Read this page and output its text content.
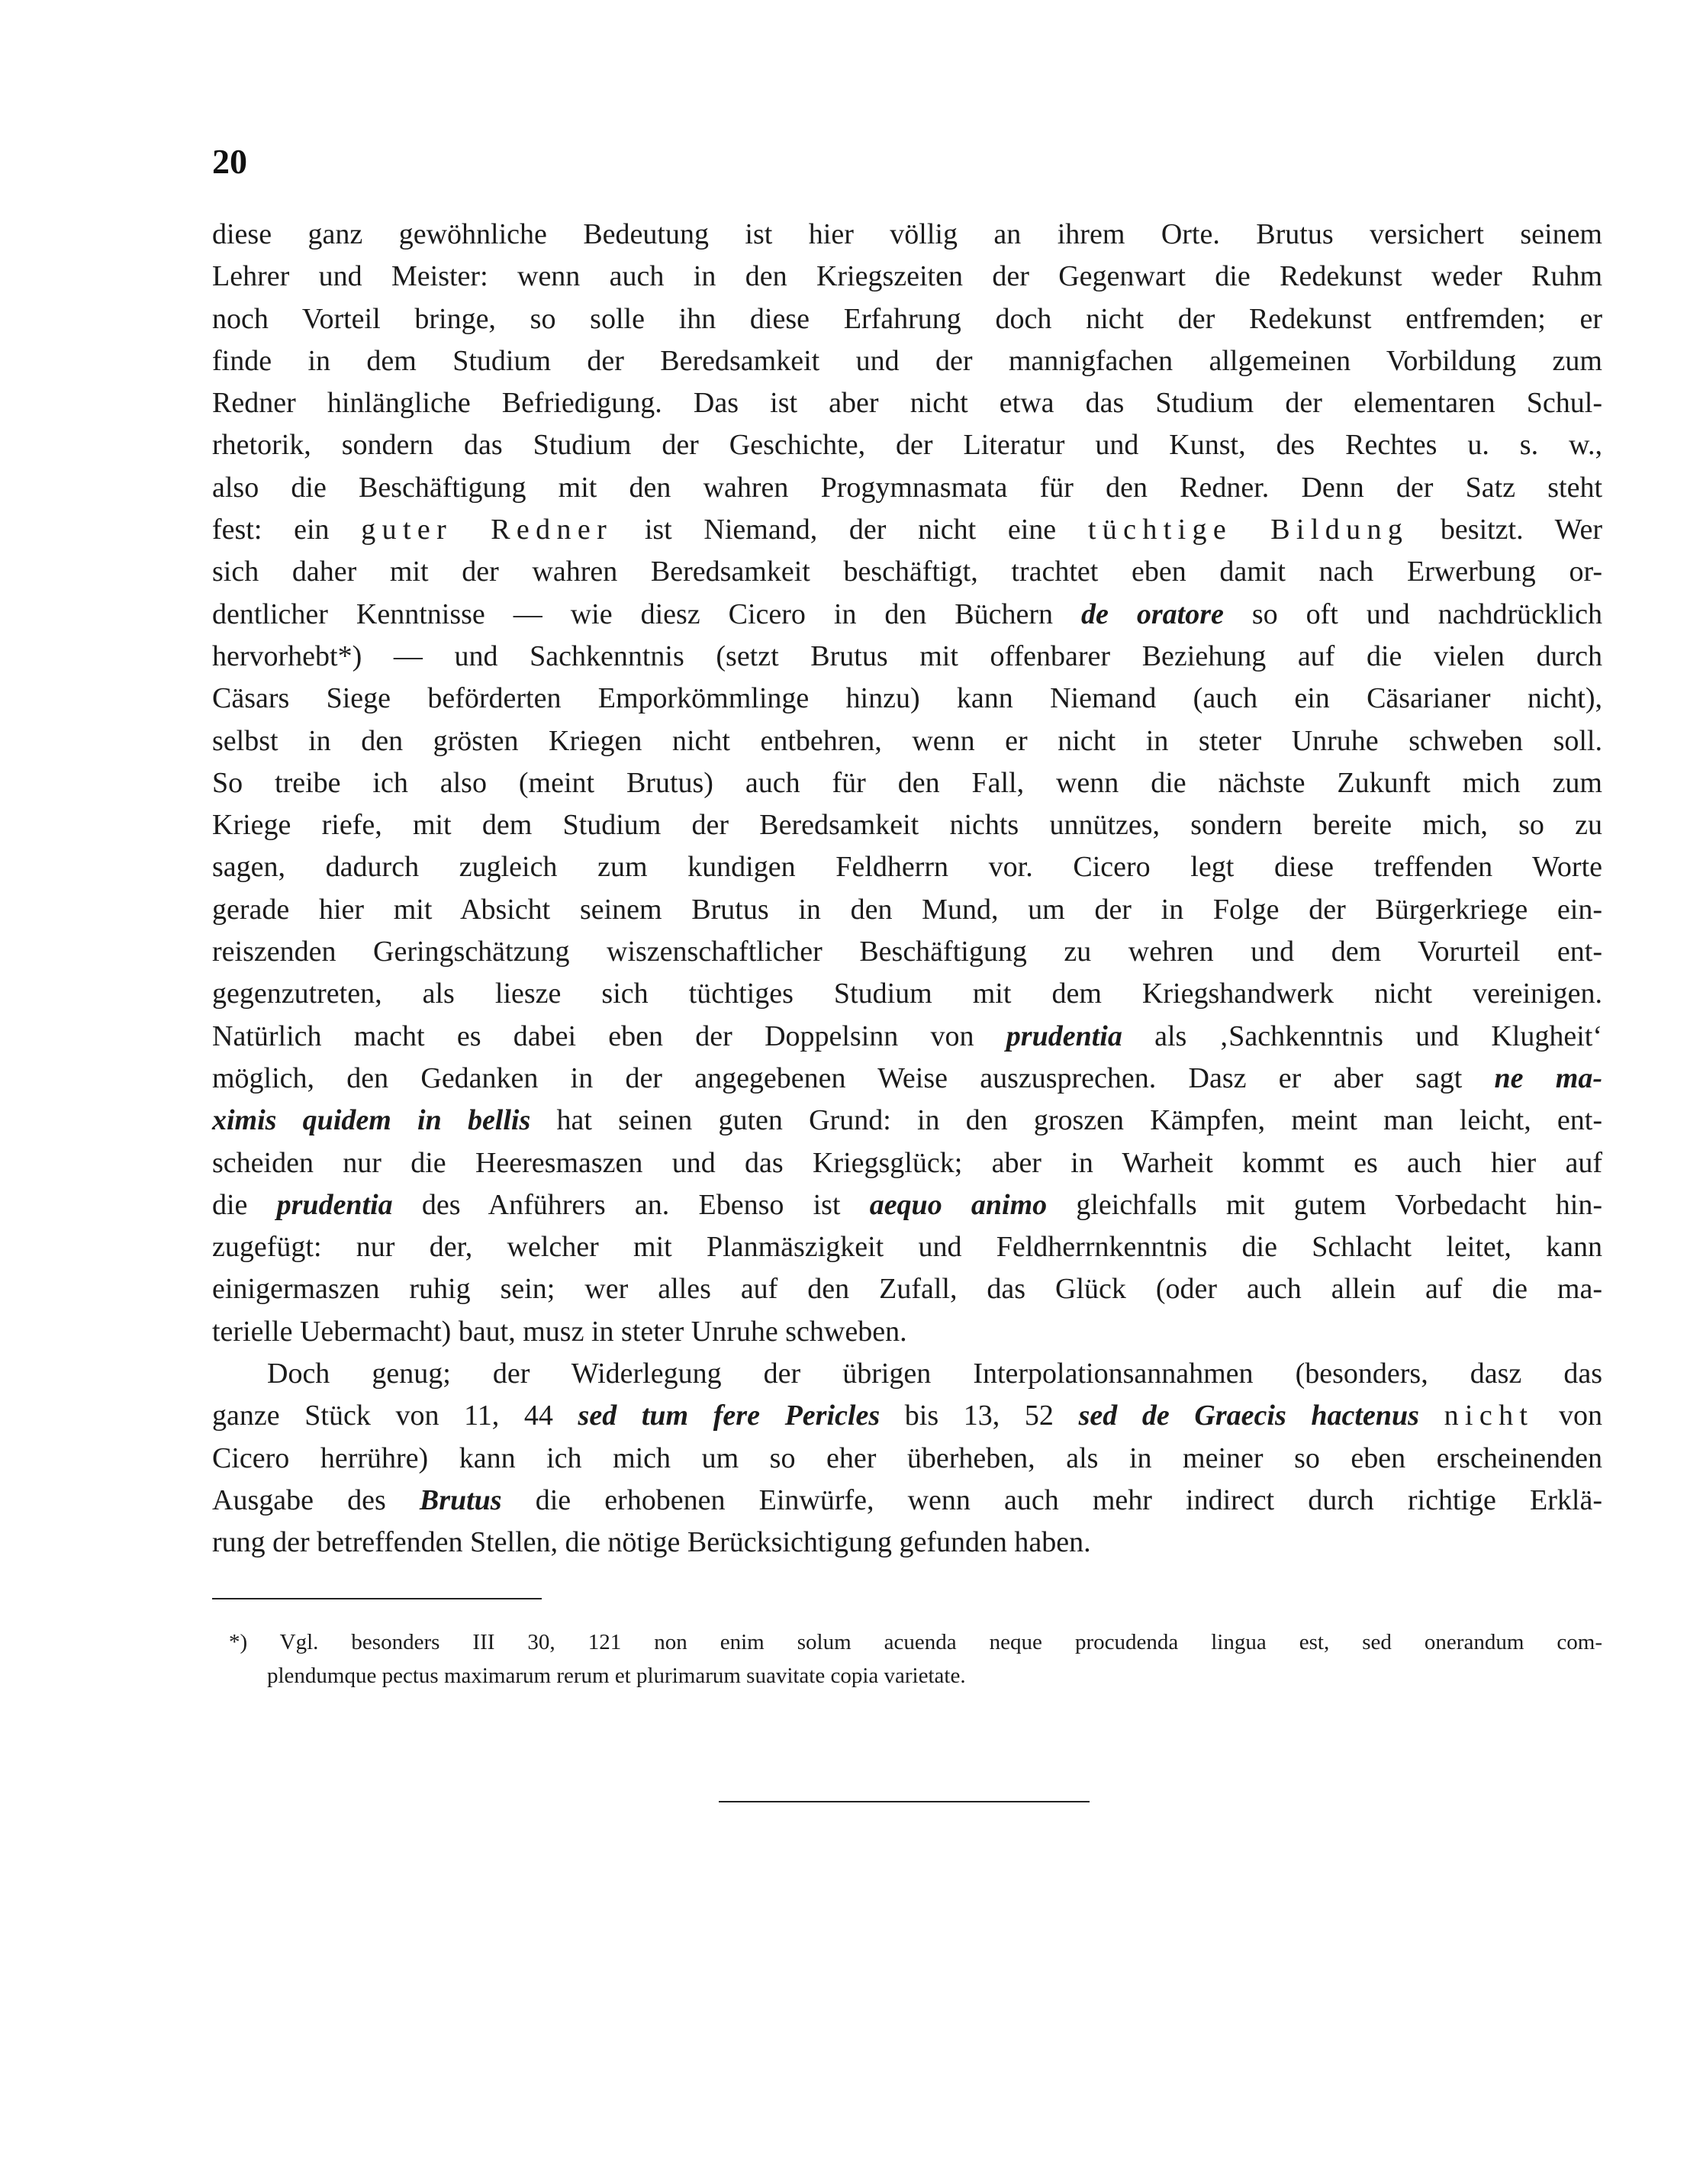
20
diese ganz gewöhnliche Bedeutung ist hier völlig an ihrem Orte. Brutus versichert seinem
Lehrer und Meister: wenn auch in den Kriegszeiten der Gegenwart die Redekunst weder Ruhm
noch Vorteil bringe, so solle ihn diese Erfahrung doch nicht der Redekunst entfremden; er
finde in dem Studium der Beredsamkeit und der mannigfachen allgemeinen Vorbildung zum
Redner hinlängliche Befriedigung. Das ist aber nicht etwa das Studium der elementaren Schul-
rhetorik, sondern das Studium der Geschichte, der Literatur und Kunst, des Rechtes u. s. w.,
also die Beschäftigung mit den wahren Progymnasmata für den Redner. Denn der Satz steht
fest: ein guter Redner ist Niemand, der nicht eine tüchtige Bildung besitzt. Wer
sich daher mit der wahren Beredsamkeit beschäftigt, trachtet eben damit nach Erwerbung or-
dentlicher Kenntnisse — wie diesz Cicero in den Büchern de oratore so oft und nachdrücklich
hervorhebt*) — und Sachkenntnis (setzt Brutus mit offenbarer Beziehung auf die vielen durch
Cäsars Siege beförderten Emporkömmlinge hinzu) kann Niemand (auch ein Cäsarianer nicht),
selbst in den grösten Kriegen nicht entbehren, wenn er nicht in steter Unruhe schweben soll.
So treibe ich also (meint Brutus) auch für den Fall, wenn die nächste Zukunft mich zum
Kriege riefe, mit dem Studium der Beredsamkeit nichts unnützes, sondern bereite mich, so zu
sagen, dadurch zugleich zum kundigen Feldherrn vor. Cicero legt diese treffenden Worte
gerade hier mit Absicht seinem Brutus in den Mund, um der in Folge der Bürgerkriege ein-
reiszenden Geringschätzung wiszenschaftlicher Beschäftigung zu wehren und dem Vorurteil ent-
gegenzutreten, als liesze sich tüchtiges Studium mit dem Kriegshandwerk nicht vereinigen.
Natürlich macht es dabei eben der Doppelsinn von prudentia als ‚Sachkenntnis und Klugheit‘
möglich, den Gedanken in der angegebenen Weise auszusprechen. Dasz er aber sagt ne ma-
ximis quidem in bellis hat seinen guten Grund: in den groszen Kämpfen, meint man leicht, ent-
scheiden nur die Heeresmaszen und das Kriegsglück; aber in Warheit kommt es auch hier auf
die prudentia des Anführers an. Ebenso ist aequo animo gleichfalls mit gutem Vorbedacht hin-
zugefügt: nur der, welcher mit Planmäszigkeit und Feldherrnkenntnis die Schlacht leitet, kann
einigermaszen ruhig sein; wer alles auf den Zufall, das Glück (oder auch allein auf die ma-
terielle Uebermacht) baut, musz in steter Unruhe schweben.
Doch genug; der Widerlegung der übrigen Interpolationsannahmen (besonders, dasz das
ganze Stück von 11, 44 sed tum fere Pericles bis 13, 52 sed de Graecis hactenus nicht von
Cicero herrühre) kann ich mich um so eher überheben, als in meiner so eben erscheinenden
Ausgabe des Brutus die erhobenen Einwürfe, wenn auch mehr indirect durch richtige Erklä-
rung der betreffenden Stellen, die nötige Berücksichtigung gefunden haben.
*) Vgl. besonders III 30, 121 non enim solum acuenda neque procudenda lingua est, sed onerandum com-
plendumque pectus maximarum rerum et plurimarum suavitate copia varietate.
